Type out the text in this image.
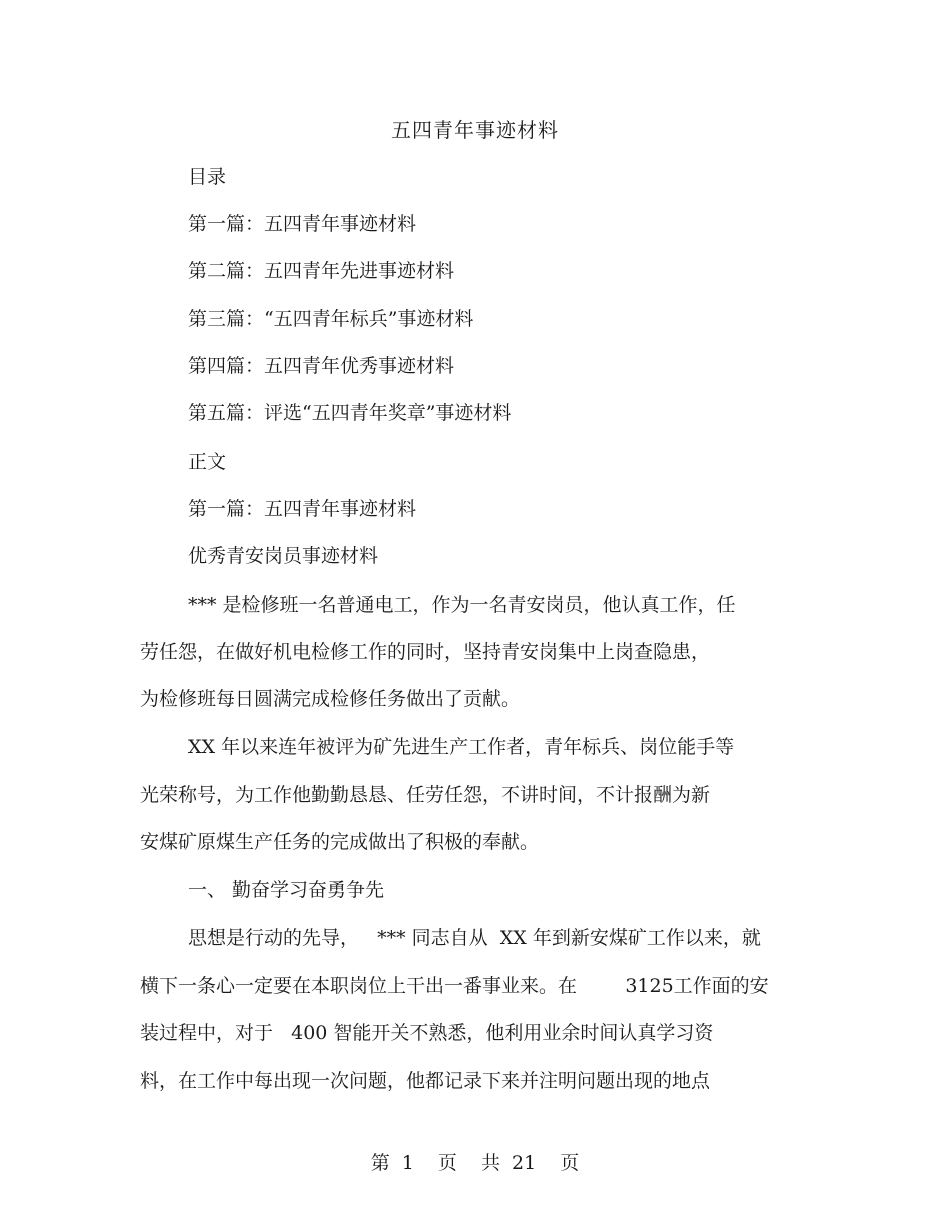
五四青年事迹材料

目录

第一篇：五四青年事迹材料

第二篇：五四青年先进事迹材料

第三篇：“五四青年标兵”事迹材料

第四篇：五四青年优秀事迹材料

第五篇：评选“五四青年奖章”事迹材料

正文

第一篇：五四青年事迹材料

优秀青安岗员事迹材料

*** 是检修班一名普通电工，作为一名青安岗员，他认真工作，任

劳任怨，在做好机电检修工作的同时，坚持青安岗集中上岗查隐患，

为检修班每日圆满完成检修任务做出了贡献。

XX 年以来连年被评为矿先进生产工作者，青年标兵、岗位能手等

光荣称号，为工作他勤勤恳恳、任劳任怨，不讲时间，不计报酬为新

安煤矿原煤生产任务的完成做出了积极的奉献。

一、 勤奋学习奋勇争先

思想是行动的先导，   *** 同志自从  XX 年到新安煤矿工作以来，就

横下一条心一定要在本职岗位上干出一番事业来。在        3125工作面的安

装过程中，对于   400 智能开关不熟悉，他利用业余时间认真学习资

料，在工作中每出现一次问题，他都记录下来并注明问题出现的地点

第 1  页  共 21  页
